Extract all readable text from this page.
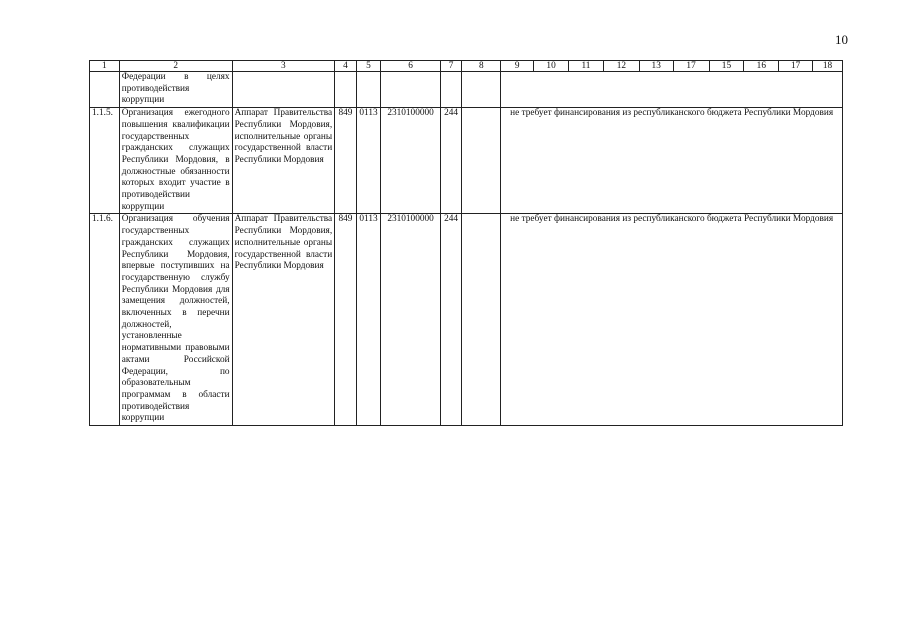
10
1	2	3	4	5	6	7	8	9	10	11	12	13	17	15	16	17	18
	Федерации в целях противодействия коррупции																
1.1.5.	Организация ежегодного повышения квалификации государственных гражданских служащих Республики Мордовия, в должностные обязанности которых входит участие в противодействии коррупции	Аппарат Правительства Республики Мордовия, исполнительные органы государственной власти Республики Мордовия	849	0113	2310100000	244		не требует финансирования из республиканского бюджета Республики Мордовия									
1.1.6.	Организация обучения государственных гражданских служащих Республики Мордовия, впервые поступивших на государственную службу Республики Мордовия для замещения должностей, включенных в перечни должностей, установленные нормативными правовыми актами Российской Федерации, по образовательным программам в области противодействия коррупции	Аппарат Правительства Республики Мордовия, исполнительные органы государственной власти Республики Мордовия	849	0113	2310100000	244		не требует финансирования из республиканского бюджета Республики Мордовия									
